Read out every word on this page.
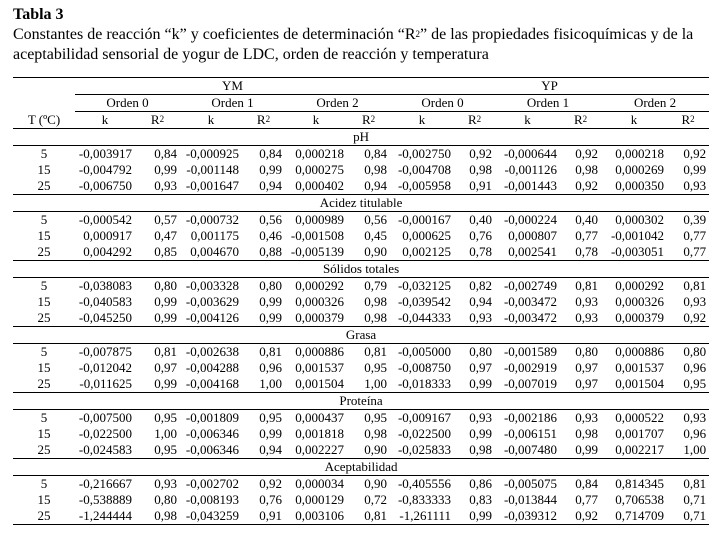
Tabla 3
Constantes de reacción “k” y coeficientes de determinación “$R^2$” de las propiedades fisicoquímicas y de la aceptabilidad sensorial de yogur de LDC, orden de reacción y temperatura
	YM						YP					
	Orden 0		Orden 1		Orden 2		Orden 0		Orden 1		Orden 2	
T (ºC)	k	$R^2$	k	$R^2$	k	$R^2$	k	$R^2$	k	$R^2$	k	$R^2$
pH												
5	-0,003917	0,84	-0,000925	0,84	0,000218	0,84	-0,002750	0,92	-0,000644	0,92	0,000218	0,92
15	-0,004792	0,99	-0,001148	0,99	0,000275	0,98	-0,004708	0,98	-0,001126	0,98	0,000269	0,99
25	-0,006750	0,93	-0,001647	0,94	0,000402	0,94	-0,005958	0,91	-0,001443	0,92	0,000350	0,93
Acidez titulable												
5	-0,000542	0,57	-0,000732	0,56	0,000989	0,56	-0,000167	0,40	-0,000224	0,40	0,000302	0,39
15	0,000917	0,47	0,001175	0,46	-0,001508	0,45	0,000625	0,76	0,000807	0,77	-0,001042	0,77
25	0,004292	0,85	0,004670	0,88	-0,005139	0,90	0,002125	0,78	0,002541	0,78	-0,003051	0,77
Sólidos totales												
5	-0,038083	0,80	-0,003328	0,80	0,000292	0,79	-0,032125	0,82	-0,002749	0,81	0,000292	0,81
15	-0,040583	0,99	-0,003629	0,99	0,000326	0,98	-0,039542	0,94	-0,003472	0,93	0,000326	0,93
25	-0,045250	0,99	-0,004126	0,99	0,000379	0,98	-0,044333	0,93	-0,003472	0,93	0,000379	0,92
Grasa												
5	-0,007875	0,81	-0,002638	0,81	0,000886	0,81	-0,005000	0,80	-0,001589	0,80	0,000886	0,80
15	-0,012042	0,97	-0,004288	0,96	0,001537	0,95	-0,008750	0,97	-0,002919	0,97	0,001537	0,96
25	-0,011625	0,99	-0,004168	1,00	0,001504	1,00	-0,018333	0,99	-0,007019	0,97	0,001504	0,95
Proteína												
5	-0,007500	0,95	-0,001809	0,95	0,000437	0,95	-0,009167	0,93	-0,002186	0,93	0,000522	0,93
15	-0,022500	1,00	-0,006346	0,99	0,001818	0,98	-0,022500	0,99	-0,006151	0,98	0,001707	0,96
25	-0,024583	0,95	-0,006346	0,94	0,002227	0,90	-0,025833	0,98	-0,007480	0,99	0,002217	1,00
Aceptabilidad												
5	-0,216667	0,93	-0,002702	0,92	0,000034	0,90	-0,405556	0,86	-0,005075	0,84	0,814345	0,81
15	-0,538889	0,80	-0,008193	0,76	0,000129	0,72	-0,833333	0,83	-0,013844	0,77	0,706538	0,71
25	-1,244444	0,98	-0,043259	0,91	0,003106	0,81	-1,261111	0,99	-0,039312	0,92	0,714709	0,71
